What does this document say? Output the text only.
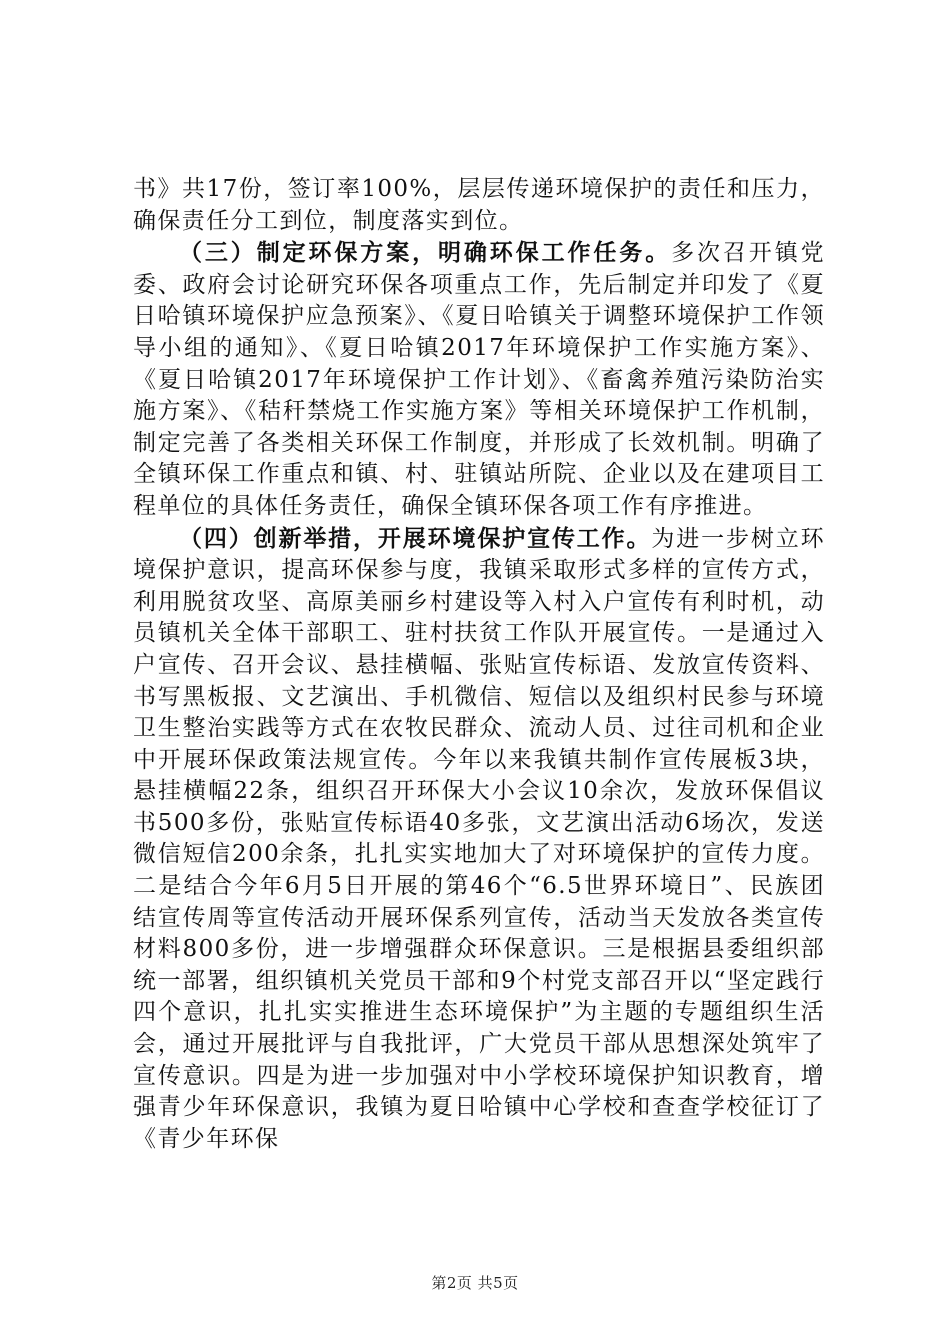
书》共17份，签订率100%，层层传递环境保护的责任和压力，确保责任分工到位，制度落实到位。

（三）制定环保方案，明确环保工作任务。多次召开镇党委、政府会讨论研究环保各项重点工作，先后制定并印发了《夏日哈镇环境保护应急预案》、《夏日哈镇关于调整环境保护工作领导小组的通知》、《夏日哈镇2017年环境保护工作实施方案》、《夏日哈镇2017年环境保护工作计划》、《畜禽养殖污染防治实施方案》、《秸秆禁烧工作实施方案》等相关环境保护工作机制，制定完善了各类相关环保工作制度，并形成了长效机制。明确了全镇环保工作重点和镇、村、驻镇站所院、企业以及在建项目工程单位的具体任务责任，确保全镇环保各项工作有序推进。

（四）创新举措，开展环境保护宣传工作。为进一步树立环境保护意识，提高环保参与度，我镇采取形式多样的宣传方式，利用脱贫攻坚、高原美丽乡村建设等入村入户宣传有利时机，动员镇机关全体干部职工、驻村扶贫工作队开展宣传。一是通过入户宣传、召开会议、悬挂横幅、张贴宣传标语、发放宣传资料、书写黑板报、文艺演出、手机微信、短信以及组织村民参与环境卫生整治实践等方式在农牧民群众、流动人员、过往司机和企业中开展环保政策法规宣传。今年以来我镇共制作宣传展板3块，悬挂横幅22条，组织召开环保大小会议10余次，发放环保倡议书500多份，张贴宣传标语40多张，文艺演出活动6场次，发送微信短信200余条，扎扎实实地加大了对环境保护的宣传力度。二是结合今年6月5日开展的第46个“6.5世界环境日”、民族团结宣传周等宣传活动开展环保系列宣传，活动当天发放各类宣传材料800多份，进一步增强群众环保意识。三是根据县委组织部统一部署，组织镇机关党员干部和9个村党支部召开以“坚定践行四个意识，扎扎实实推进生态环境保护”为主题的专题组织生活会，通过开展批评与自我批评，广大党员干部从思想深处筑牢了宣传意识。四是为进一步加强对中小学校环境保护知识教育，增强青少年环保意识，我镇为夏日哈镇中心学校和查查学校征订了《青少年环保

第2页 共5页
